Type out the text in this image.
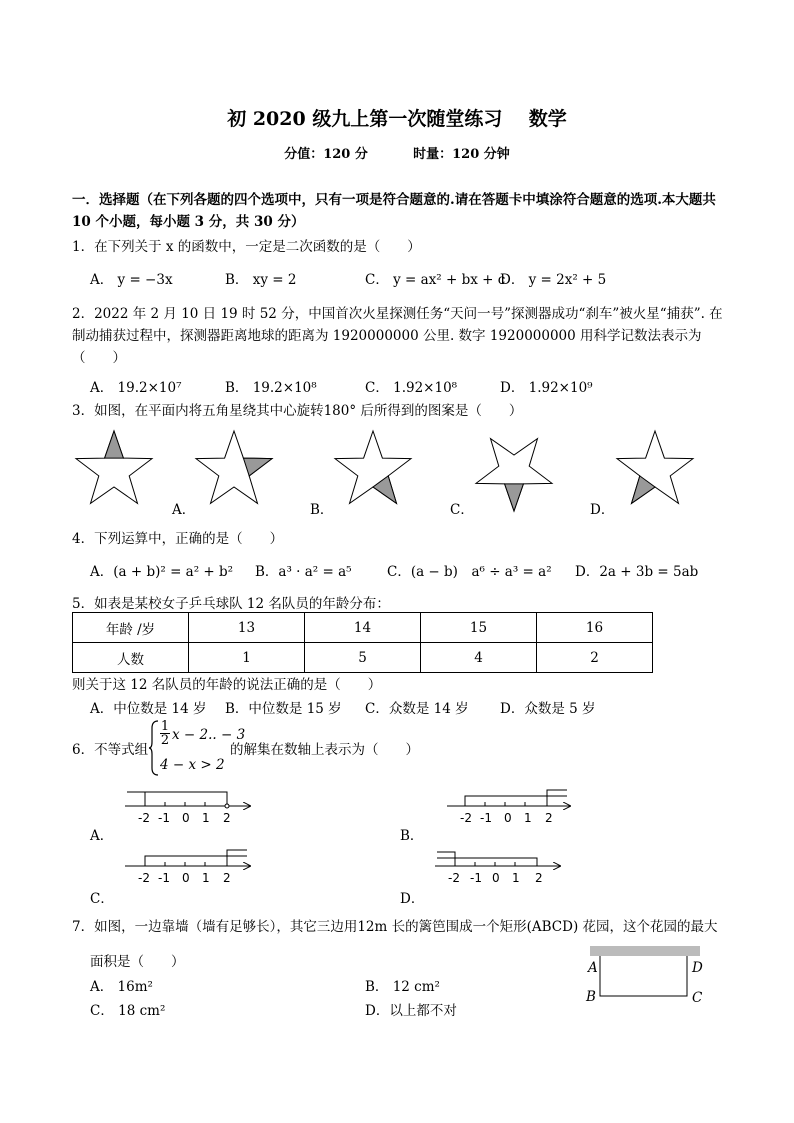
初 2020 级九上第一次随堂练习    数学
分值：120 分          时量：120 分钟
一．选择题（在下列各题的四个选项中，只有一项是符合题意的.请在答题卡中填涂符合题意的选项.本大题共 10 个小题，每小题 3 分，共 30 分）
1．在下列关于 x 的函数中，一定是二次函数的是（　　）
A． y = −3x	B． xy = 2	C． y = ax² + bx + c
D． y = 2x² + 5
2．2022 年 2 月 10 日 19 时 52 分，中国首次火星探测任务“天问一号”探测器成功“刹车”被火星“捕获”. 在制动捕获过程中，探测器距离地球的距离为 1920000000 公里. 数字 1920000000 用科学记数法表示为（　　）
A． 19.2×10⁷	B． 19.2×10⁸	C． 1.92×10⁸	D． 1.92×10⁹
3．如图，在平面内将五角星绕其中心旋转180° 后所得到的图案是（　　）
A．	B．	C．	D．
4．下列运算中，正确的是（　　）
A．(a + b)² = a² + b² B．a³ · a² = a⁵	C．(a − b)　a⁶ ÷ a³ = a² D．2a + 3b = 5ab
5．如表是某校女子乒乓球队 12 名队员的年龄分布：
年龄 /岁	13	14	15	16
人数	1	5	4	2
则关于这 12 名队员的年龄的说法正确的是（　　）
A．中位数是 14 岁 B．中位数是 15 岁 C．众数是 14 岁 D．众数是 5 岁
6．不等式组
$\frac{1}{2}$ x − 2.. − 3
4 − x > 2
的解集在数轴上表示为（　　）
-2 -1 0 1 2	-2 -1 0 1 2
-2 -1 0 1 2	-2 -1 0 1 2
A．	B．
C．	D．
7．如图，一边靠墙（墙有足够长），其它三边用12m 长的篱笆围成一个矩形(ABCD) 花园，这个花园的最大
面积是（　　）
A． 16m²	B． 12 cm²
C． 18 cm²	D．以上都不对
A	D
B	C
